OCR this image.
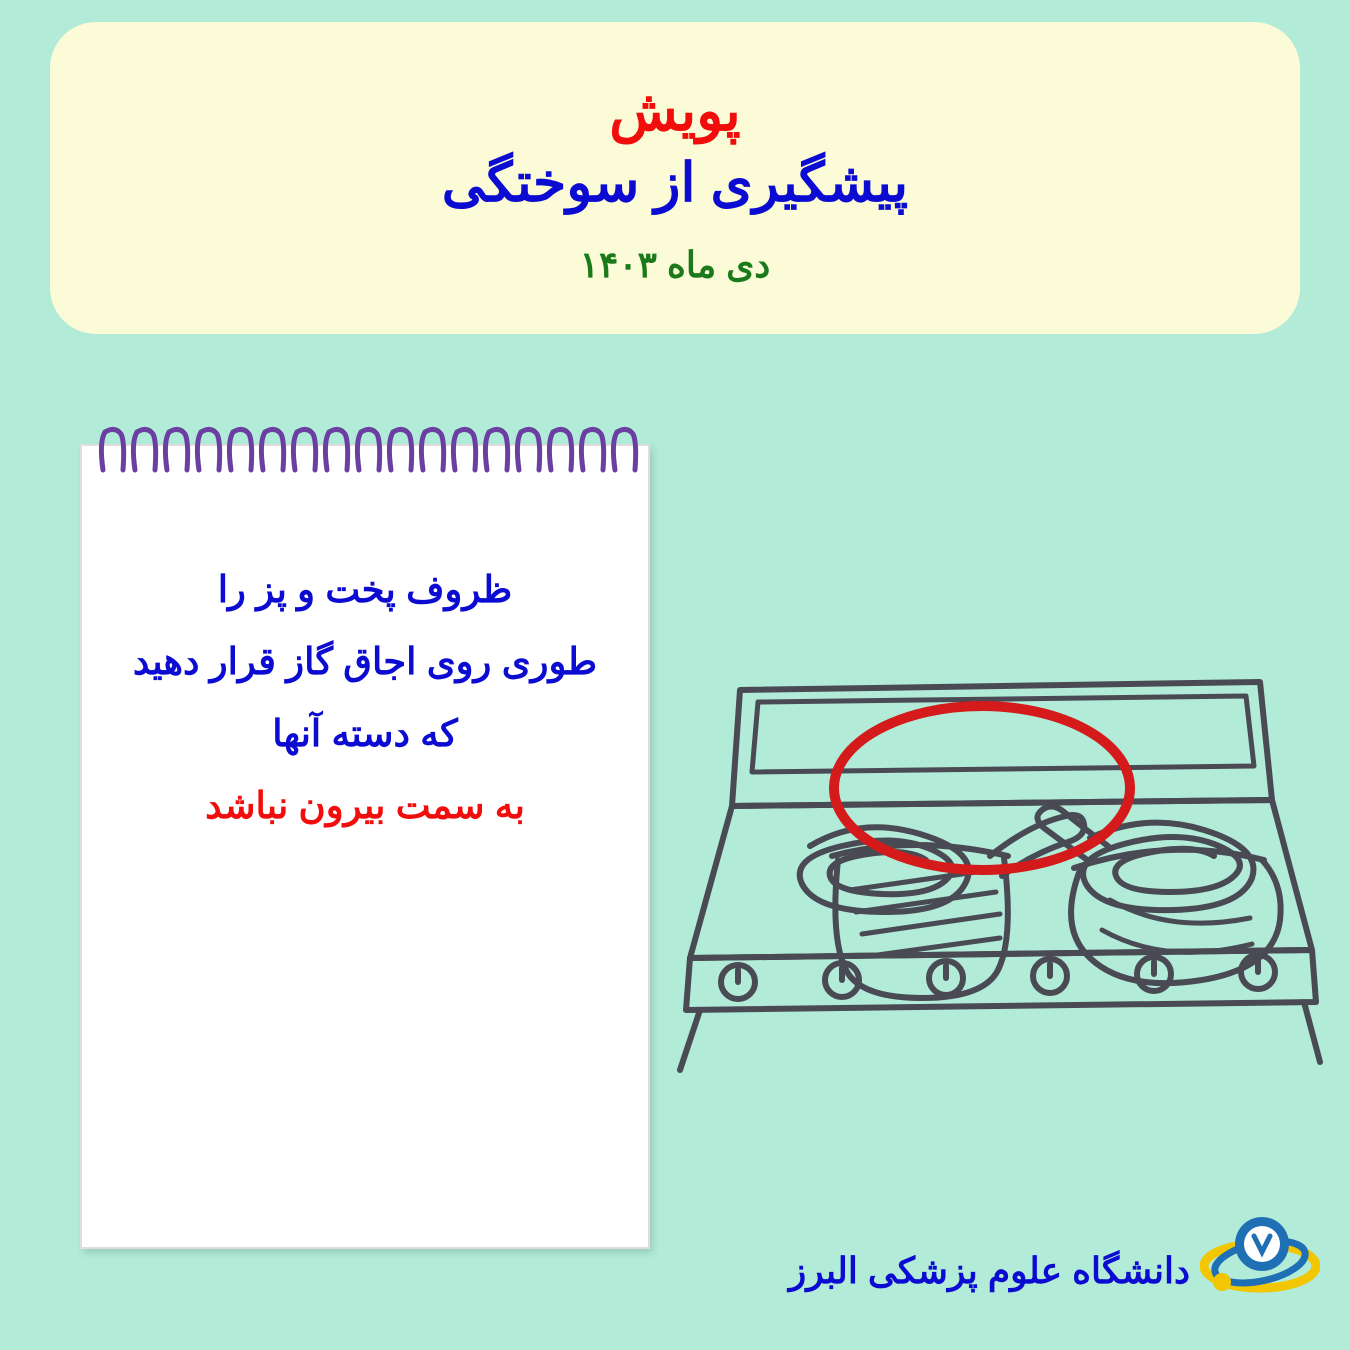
پویش
پیشگیری از سوختگی
دی ماه ۱۴۰۳
ظروف پخت و پز را
طوری روی اجاق گاز قرار دهید
که دسته آنها
به سمت بیرون نباشد
دانشگاه علوم پزشکی البرز
